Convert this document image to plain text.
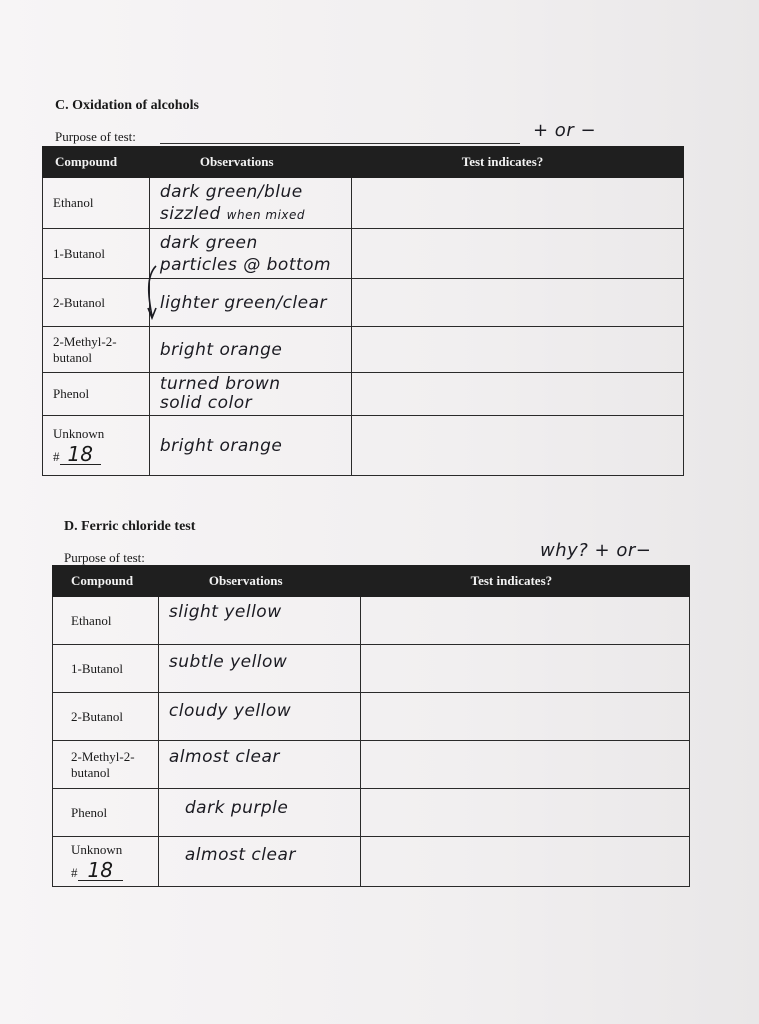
C. Oxidation of alcohols
Purpose of test:	+ or −
Compound	Observations	Test indicates?
Ethanol	dark green/blue
sizzled when mixed	

1-Butanol	dark green
particles @ bottom	

2-Butanol	lighter green/clear	

2-Methyl-2-butanol	bright orange	

Phenol	turned brown
solid color	

Unknown
# 18	bright orange	

D. Ferric chloride test
Purpose of test:	why? + or−
Compound	Observations	Test indicates?
Ethanol	slight yellow	

1-Butanol	subtle yellow	

2-Butanol	cloudy yellow	

2-Methyl-2-butanol	almost clear	

Phenol	dark purple	

Unknown
# 18	almost clear	
